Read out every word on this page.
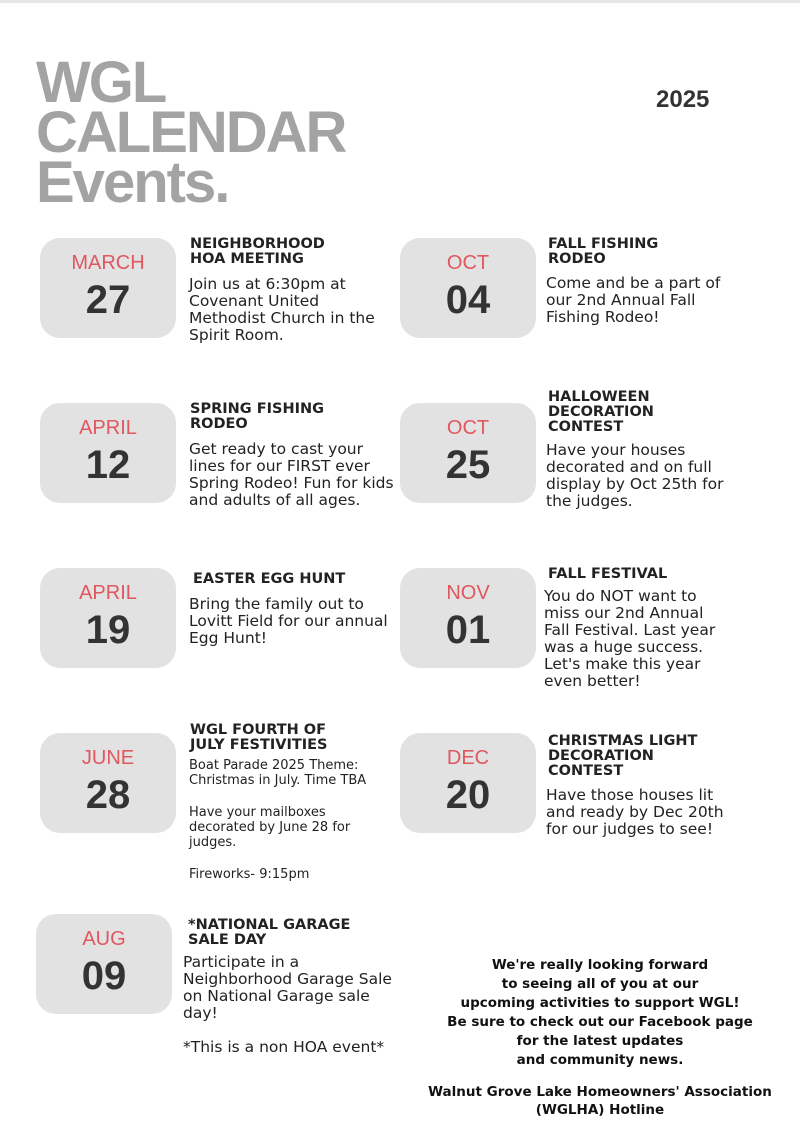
WGL
CALENDAR
Events.
2025
MARCH
27
NEIGHBORHOOD HOA MEETING

Join us at 6:30pm at Covenant United Methodist Church in the Spirit Room.

APRIL
12
SPRING FISHING RODEO

Get ready to cast your lines for our FIRST ever Spring Rodeo! Fun for kids and adults of all ages.

APRIL
19
EASTER EGG HUNT

Bring the family out to Lovitt Field for our annual Egg Hunt!

JUNE
28
WGL FOURTH OF JULY FESTIVITIES

Boat Parade 2025 Theme: Christmas in July. Time TBA

Have your mailboxes decorated by June 28 for judges.

Fireworks- 9:15pm

AUG
09
*NATIONAL GARAGE SALE DAY

Participate in a Neighborhood Garage Sale on National Garage sale day!

*This is a non HOA event*

OCT
04
FALL FISHING RODEO

Come and be a part of our 2nd Annual Fall Fishing Rodeo!

OCT
25
HALLOWEEN DECORATION CONTEST

Have your houses decorated and on full display by Oct 25th for the judges.

NOV
01
FALL FESTIVAL

You do NOT want to miss our 2nd Annual Fall Festival. Last year was a huge success. Let's make this year even better!

DEC
20
CHRISTMAS LIGHT DECORATION CONTEST

Have those houses lit and ready by Dec 20th for our judges to see!

We're really looking forward
to seeing all of you at our
upcoming activities to support WGL!
Be sure to check out our Facebook page
for the latest updates
and community news.
Walnut Grove Lake Homeowners' Association
(WGLHA) Hotline
